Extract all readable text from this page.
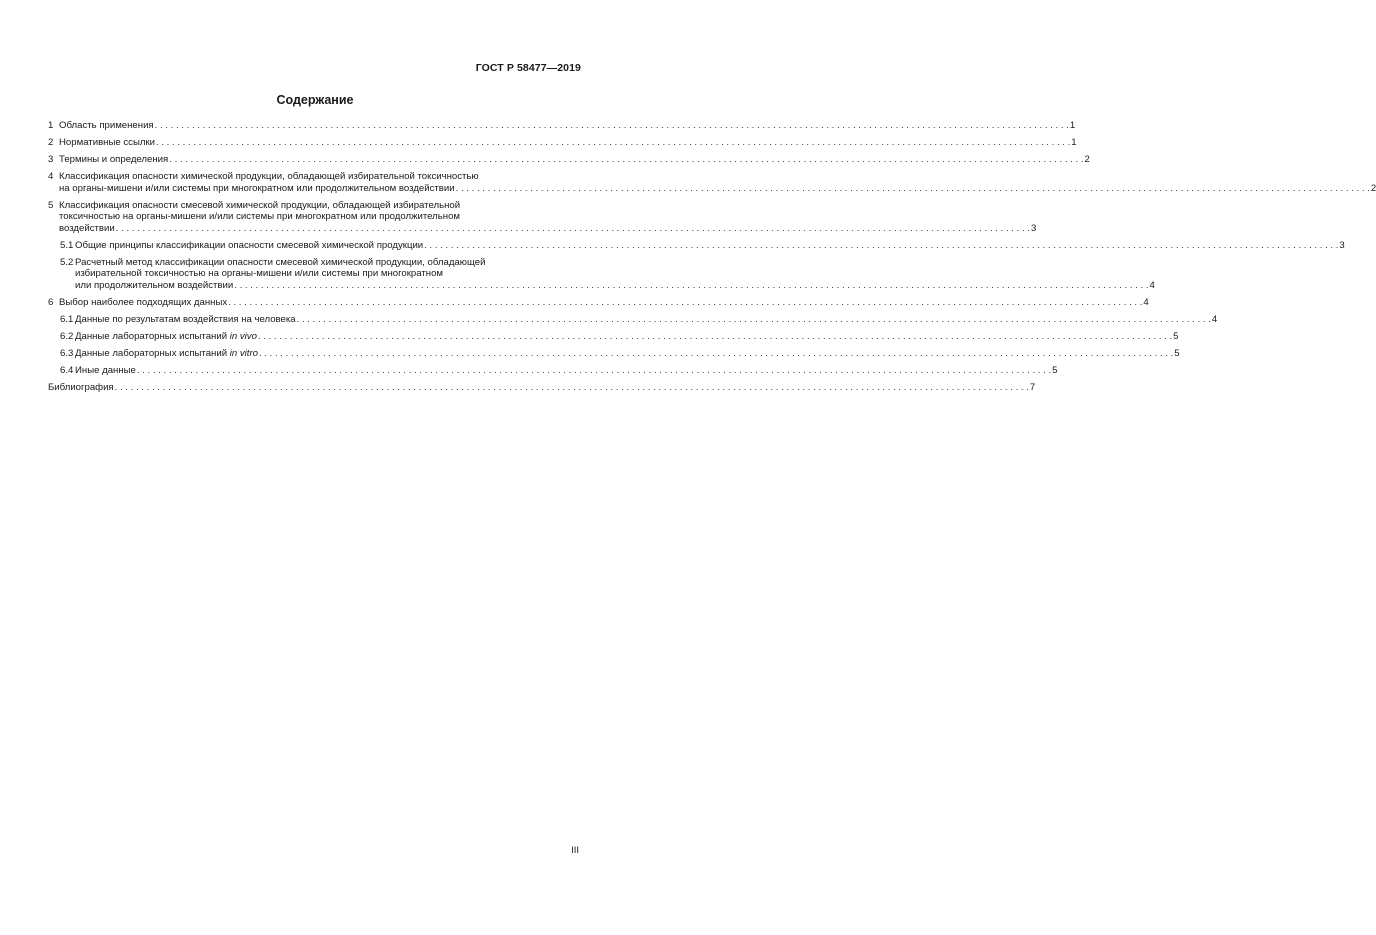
ГОСТ Р 58477—2019
Содержание
1 Область применения . . .	1
2 Нормативные ссылки . . .	1
3 Термины и определения . . .	2
4 Классификация опасности химической продукции, обладающей избирательной токсичностью
на органы-мишени и/или системы при многократном или продолжительном воздействии . . .	2
5 Классификация опасности смесевой химической продукции, обладающей избирательной
токсичностью на органы-мишени и/или системы при многократном или продолжительном
воздействии . . .	3
5.1 Общие принципы классификации опасности смесевой химической продукции . . .	3
5.2 Расчетный метод классификации опасности смесевой химической продукции, обладающей
избирательной токсичностью на органы-мишени и/или системы при многократном
или продолжительном воздействии . . .	4
6 Выбор наиболее подходящих данных . . .	4
6.1 Данные по результатам воздействия на человека . . .	4
6.2 Данные лабораторных испытаний in vivo . . .	5
6.3 Данные лабораторных испытаний in vitro . . .	5
6.4 Иные данные . . .	5
Библиография . . .	7
III
